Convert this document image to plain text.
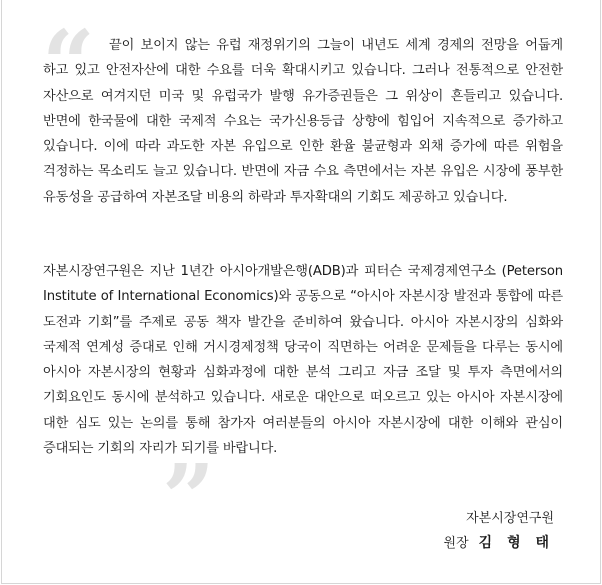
“	끝이 보이지 않는 유럽 재정위기의 그늘이 내년도 세계 경제의 전망을 어둡게 하고 있고 안전자산에 대한 수요를 더욱 확대시키고 있습니다. 그러나 전통적으로 안전한 자산으로 여겨지던 미국 및 유럽국가 발행 유가증권들은 그 위상이 흔들리고 있습니다. 반면에 한국물에 대한 국제적 수요는 국가신용등급 상향에 힘입어 지속적으로 증가하고 있습니다. 이에 따라 과도한 자본 유입으로 인한 환율 불균형과 외채 증가에 따른 위험을 걱정하는 목소리도 늘고 있습니다. 반면에 자금 수요 측면에서는 자본 유입은 시장에 풍부한 유동성을 공급하여 자본조달 비용의 하락과 투자확대의 기회도 제공하고 있습니다.
자본시장연구원은 지난 1년간 아시아개발은행(ADB)과 피터슨 국제경제연구소 (Peterson Institute of International Economics)와 공동으로 “아시아 자본시장 발전과 통합에 따른 도전과 기회”를 주제로 공동 책자 발간을 준비하여 왔습니다. 아시아 자본시장의 심화와 국제적 연계성 증대로 인해 거시경제정책 당국이 직면하는 어려운 문제들을 다루는 동시에 아시아 자본시장의 현황과 심화과정에 대한 분석 그리고 자금 조달 및 투자 측면에서의 기회요인도 동시에 분석하고 있습니다. 새로운 대안으로 떠오르고 있는 아시아 자본시장에 대한 심도 있는 논의를 통해 참가자 여러분들의 아시아 자본시장에 대한 이해와 관심이 증대되는 기회의 자리가 되기를 바랍니다.
”	자본시장연구원
원장 김 형 태
